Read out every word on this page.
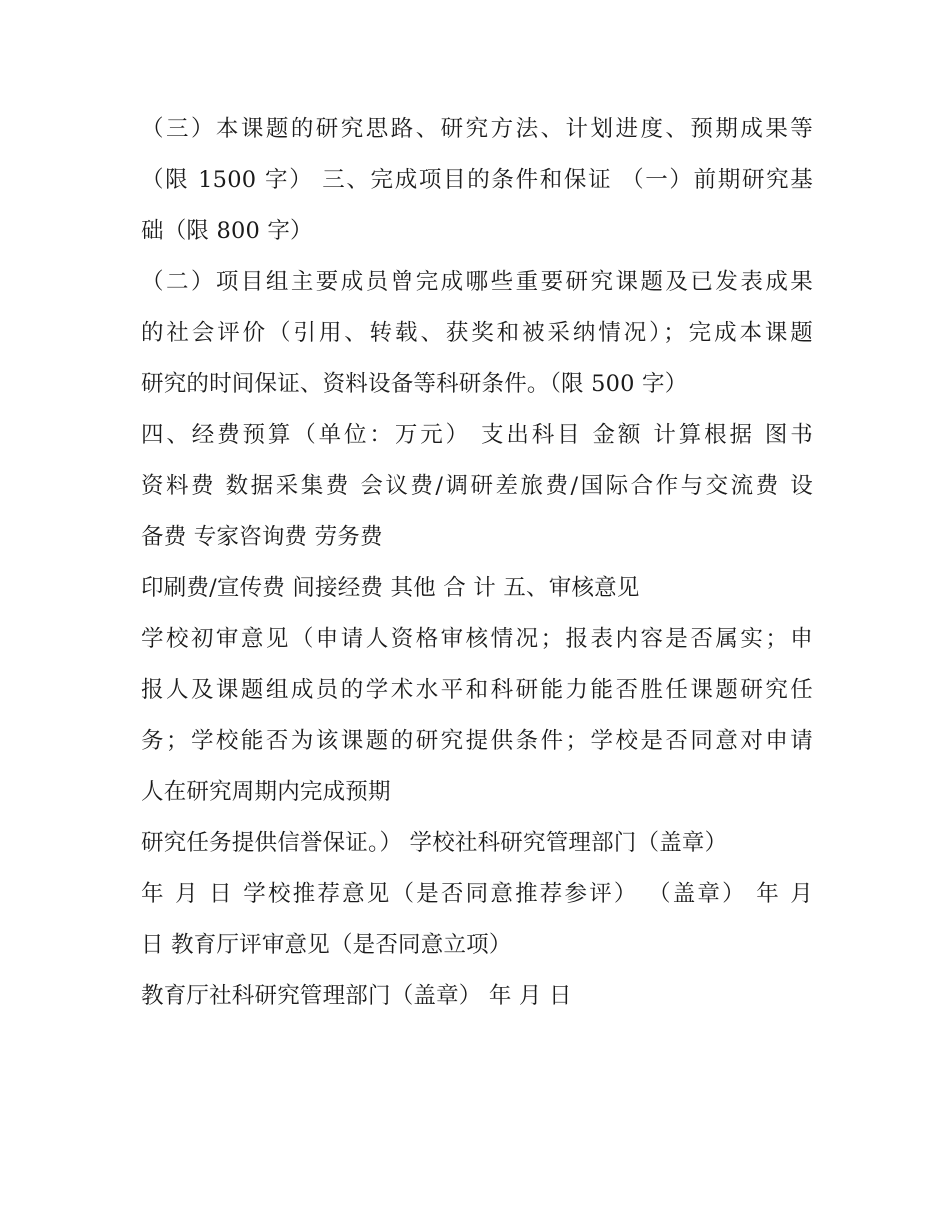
（三）本课题的研究思路、研究方法、计划进度、预期成果等
（限 1500 字） 三、完成项目的条件和保证 （一）前期研究基
础（限 800 字）
（二）项目组主要成员曾完成哪些重要研究课题及已发表成果
的社会评价（引用、转载、获奖和被采纳情况）；完成本课题
研究的时间保证、资料设备等科研条件。（限 500 字）
四、经费预算（单位：万元） 支出科目 金额 计算根据 图书
资料费 数据采集费 会议费/调研差旅费/国际合作与交流费 设
备费 专家咨询费 劳务费
印刷费/宣传费 间接经费 其他 合 计 五、审核意见
学校初审意见（申请人资格审核情况；报表内容是否属实；申
报人及课题组成员的学术水平和科研能力能否胜任课题研究任
务；学校能否为该课题的研究提供条件；学校是否同意对申请
人在研究周期内完成预期
研究任务提供信誉保证。） 学校社科研究管理部门（盖章）
年 月 日 学校推荐意见（是否同意推荐参评） （盖章） 年 月
日 教育厅评审意见（是否同意立项）
教育厅社科研究管理部门（盖章） 年 月 日
